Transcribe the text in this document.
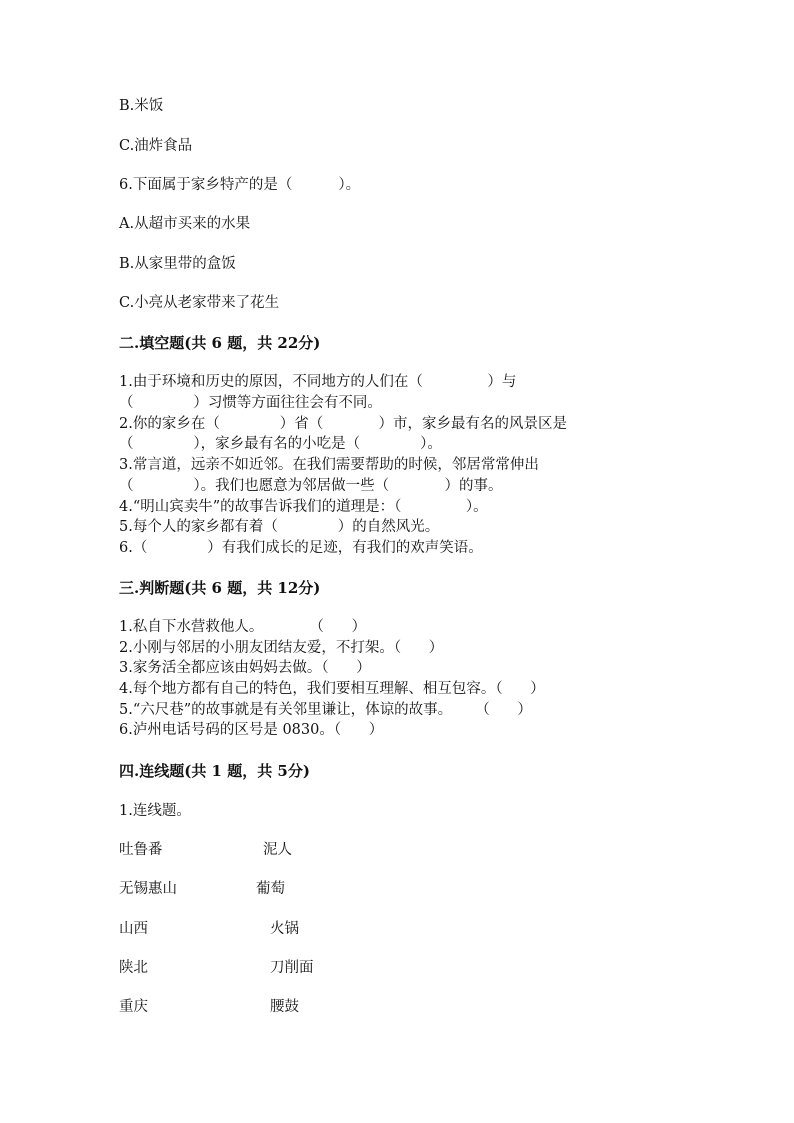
B.米饭
C.油炸食品
6.下面属于家乡特产的是（          ）。
A.从超市买来的水果
B.从家里带的盒饭
C.小亮从老家带来了花生
二.填空题(共 6 题，共 22分)
1.由于环境和历史的原因，不同地方的人们在（              ）与
（             ）习惯等方面往往会有不同。
2.你的家乡在（             ）省（            ）市，家乡最有名的风景区是
（             ），家乡最有名的小吃是（             ）。
3.常言道，远亲不如近邻。在我们需要帮助的时候，邻居常常伸出
（             ）。我们也愿意为邻居做一些（            ）的事。
4.“明山宾卖牛”的故事告诉我们的道理是：（              ）。
5.每个人的家乡都有着（             ）的自然风光。
6.（             ）有我们成长的足迹，有我们的欢声笑语。
三.判断题(共 6 题，共 12分)
1.私自下水营救他人。          （      ）
2.小刚与邻居的小朋友团结友爱，不打架。（      ）
3.家务活全都应该由妈妈去做。（      ）
4.每个地方都有自己的特色，我们要相互理解、相互包容。（      ）
5.“六尺巷”的故事就是有关邻里谦让，体谅的故事。     （      ）
6.泸州电话号码的区号是 0830。（      ）
四.连线题(共 1 题，共 5分)
1.连线题。
吐鲁番	泥人
无锡惠山	葡萄
山西	火锅
陕北	刀削面
重庆	腰鼓
